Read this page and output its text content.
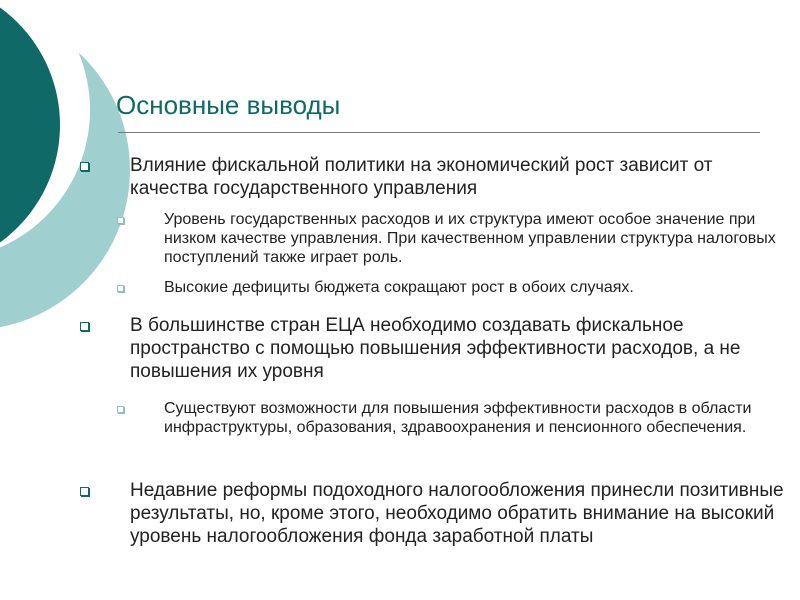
Основные выводы
Влияние фискальной политики на экономический рост зависит от качества государственного управления
Уровень государственных расходов и их структура имеют особое значение при низком качестве управления. При качественном управлении структура налоговых поступлений также играет роль.
Высокие дефициты бюджета сокращают рост в обоих случаях.
В большинстве стран ЕЦА необходимо создавать фискальное пространство с помощью повышения эффективности расходов, а не повышения их уровня
Существуют возможности для повышения эффективности расходов в области инфраструктуры, образования, здравоохранения и пенсионного обеспечения.
Недавние реформы подоходного налогообложения принесли позитивные результаты, но, кроме этого, необходимо обратить внимание на высокий уровень налогообложения фонда заработной платы
